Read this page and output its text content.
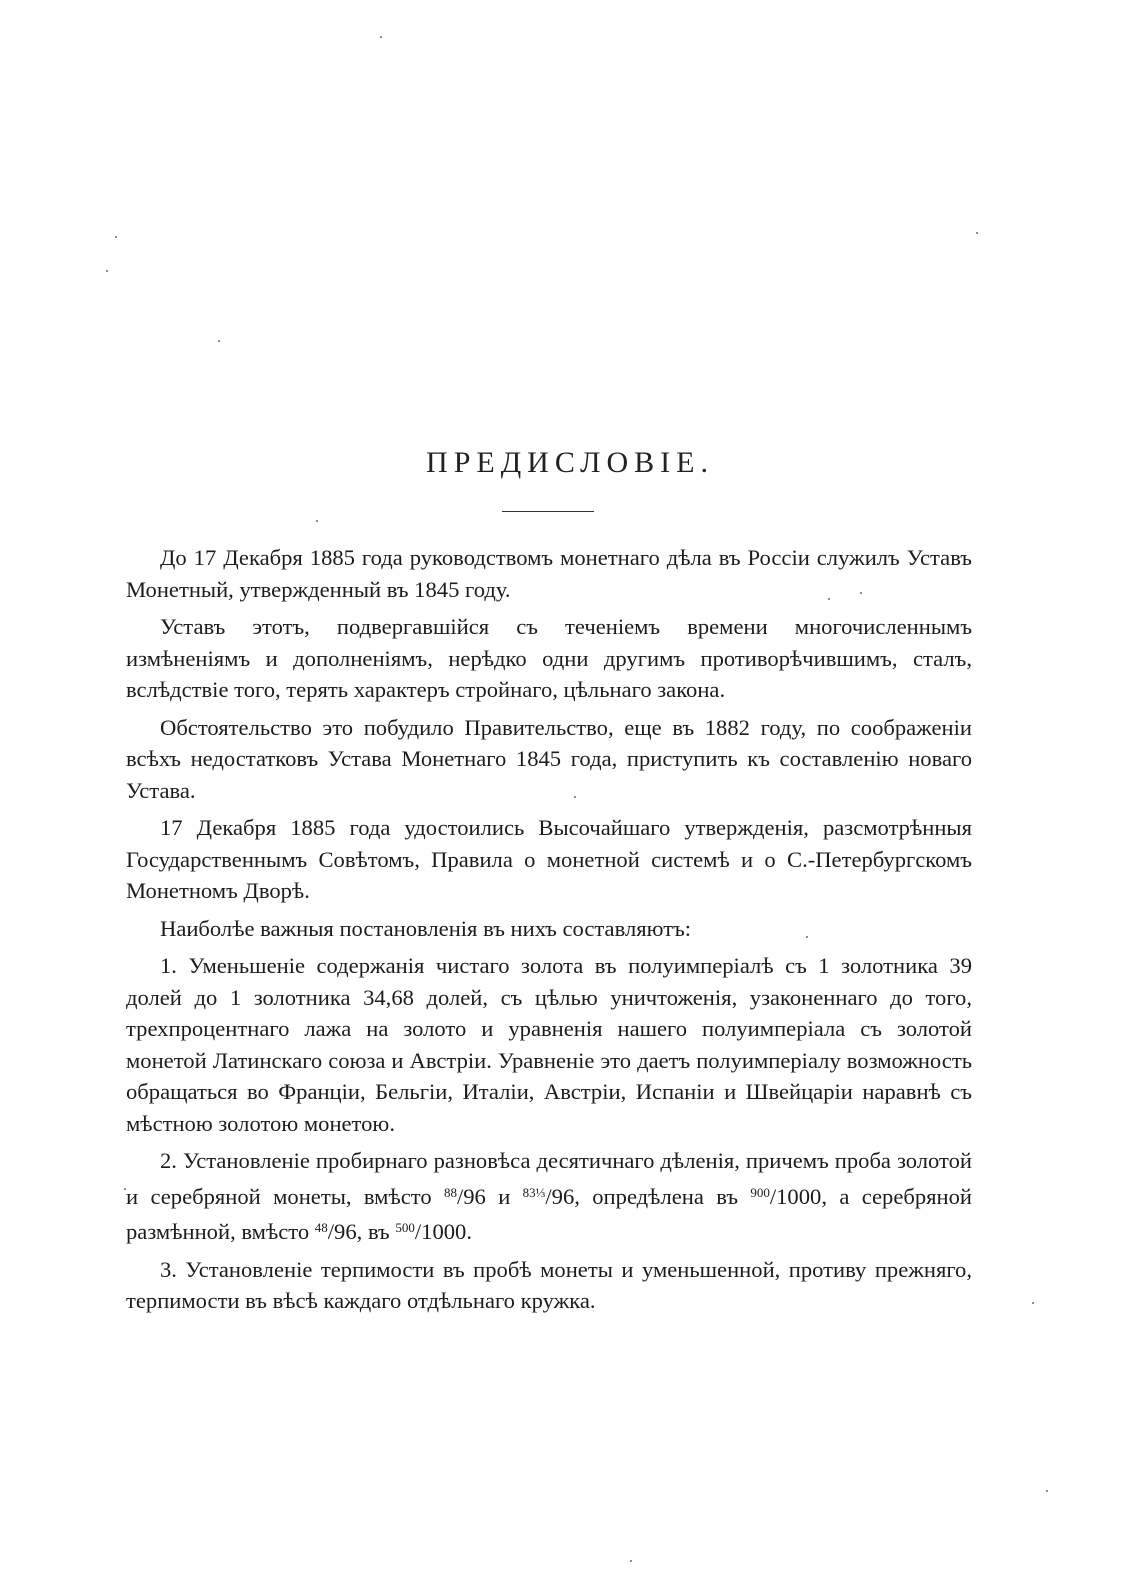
ПРЕДИСЛОВІЕ.

До 17 Декабря 1885 года руководствомъ монетнаго дѣла въ Россіи служилъ Уставъ Монетный, утвержденный въ 1845 году.

Уставъ этотъ, подвергавшійся съ теченіемъ времени многочисленнымъ измѣненіямъ и дополненіямъ, нерѣдко одни другимъ противорѣчившимъ, сталъ, вслѣдствіе того, терять характеръ стройнаго, цѣльнаго закона.

Обстоятельство это побудило Правительство, еще въ 1882 году, по соображеніи всѣхъ недостатковъ Устава Монетнаго 1845 года, приступить къ составленію новаго Устава.

17 Декабря 1885 года удостоились Высочайшаго утвержденія, разсмотрѣнныя Государственнымъ Совѣтомъ, Правила о монетной системѣ и о С.-Петербургскомъ Монетномъ Дворѣ.

Наиболѣе важныя постановленія въ нихъ составляютъ:

1. Уменьшеніе содержанія чистаго золота въ полуимперіалѣ съ 1 золотника 39 долей до 1 золотника 34,68 долей, съ цѣлью уничтоженія, узаконеннаго до того, трехпроцентнаго лажа на золото и уравненія нашего полуимперіала съ золотой монетой Латинскаго союза и Австріи. Уравненіе это даетъ полуимперіалу возможность обращаться во Франціи, Бельгіи, Италіи, Австріи, Испаніи и Швейцаріи наравнѣ съ мѣстною золотою монетою.

2. Установленіе пробирнаго разновѣса десятичнаго дѣленія, причемъ проба золотой и серебряной монеты, вмѣсто $^{88}$/96 и $^{83\frac{1}{3}}$/96, опредѣлена въ $^{900}$/1000, а серебряной размѣнной, вмѣсто $^{48}$/96, въ $^{500}$/1000.

3. Установленіе терпимости въ пробѣ монеты и уменьшенной, противу прежняго, терпимости въ вѣсѣ каждаго отдѣльнаго кружка.
